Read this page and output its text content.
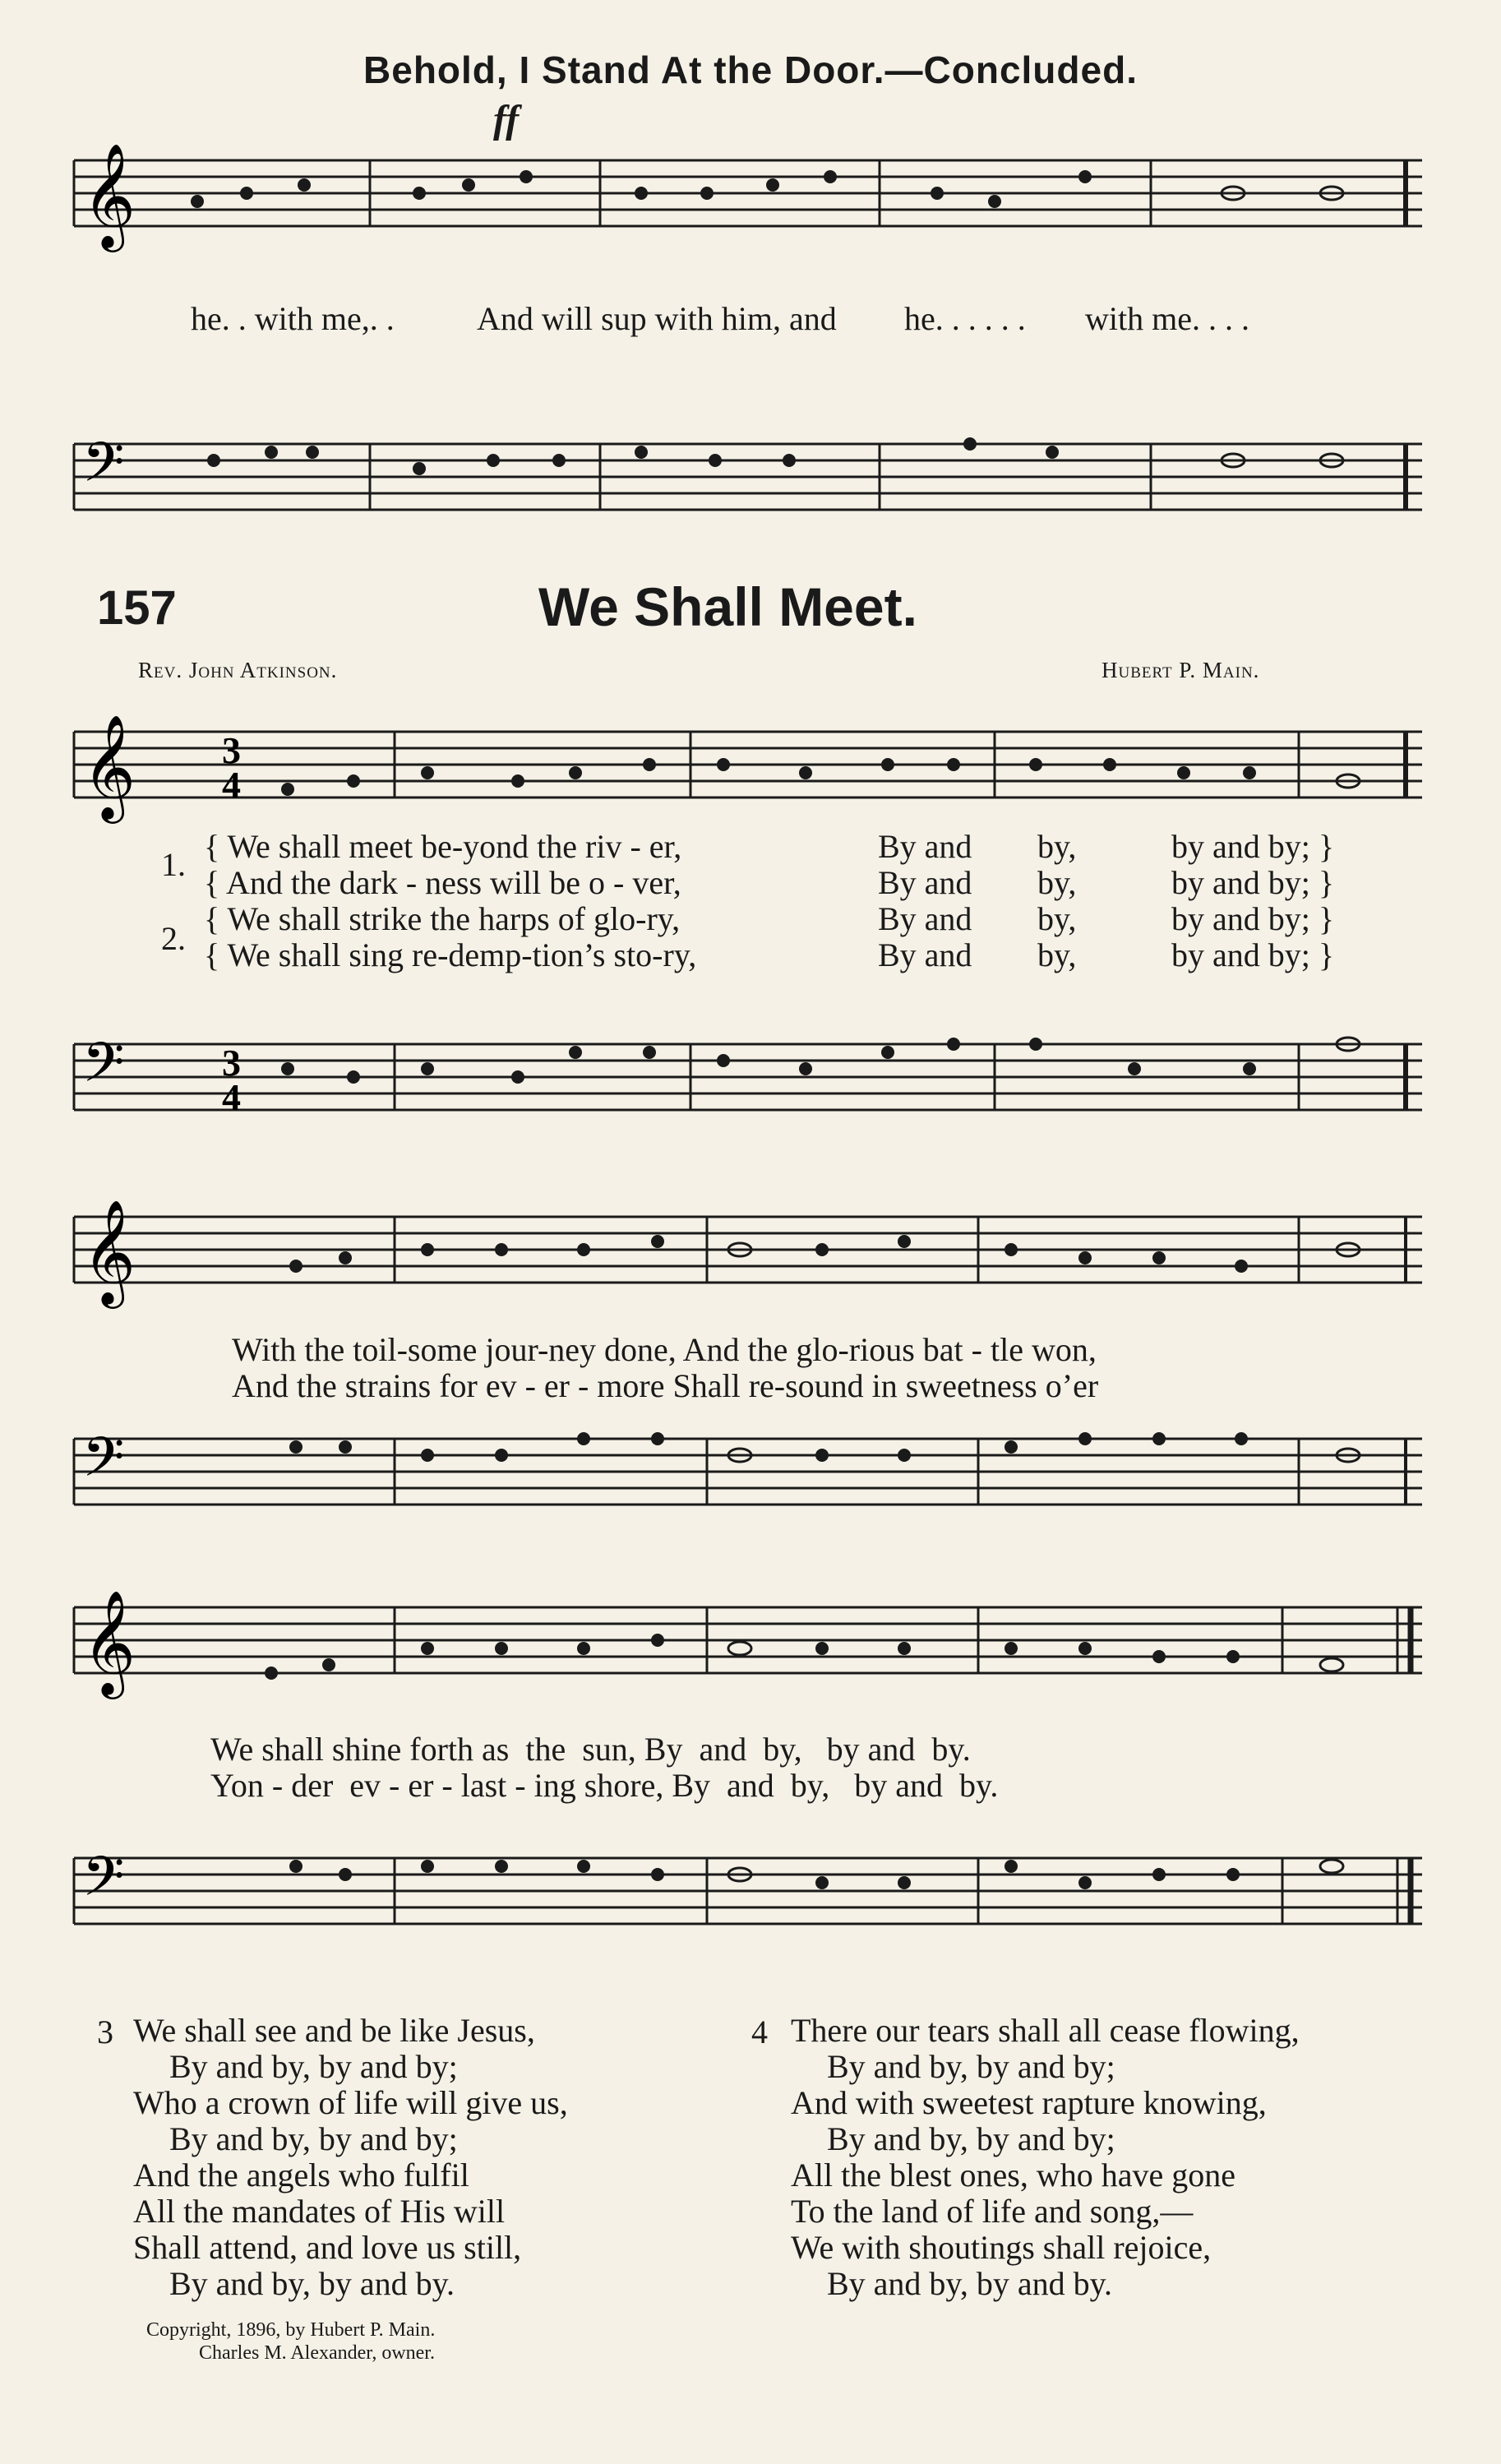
Behold, I Stand At the Door.—Concluded.
𝄞
ff
he. . with me,. .	And will sup with him, and he. . . . . . with me. . . .
𝄢
157	We Shall Meet.
Rev. John Atkinson.	Hubert P. Main.
𝄞 3
4
1.
2.
{ We shall meet be-yond the riv - er,	By and by,	by and by; }
{ And the dark - ness will be o - ver,	By and by,	by and by; }
{ We shall strike the harps of glo-ry,	By and by,	by and by; }
{ We shall sing re-demp-tion’s sto-ry,	By and by,	by and by; }
𝄢	3
4
𝄞
With the toil-some jour-ney done, And the glo-rious bat - tle won,
And the strains for ev - er - more Shall re-sound in sweetness o’er
𝄢
𝄞
We shall shine forth as  the  sun, By  and  by,   by and  by.
Yon - der  ev - er - last - ing shore, By  and  by,   by and  by.
𝄢
3 We shall see and be like Jesus,
By and by, by and by;
Who a crown of life will give us,
By and by, by and by;
And the angels who fulfil
All the mandates of His will
Shall attend, and love us still,
By and by, by and by.
4 There our tears shall all cease flowing,
By and by, by and by;
And with sweetest rapture knowing,
By and by, by and by;
All the blest ones, who have gone
To the land of life and song,—
We with shoutings shall rejoice,
By and by, by and by.
Copyright, 1896, by Hubert P. Main.
Charles M. Alexander, owner.
